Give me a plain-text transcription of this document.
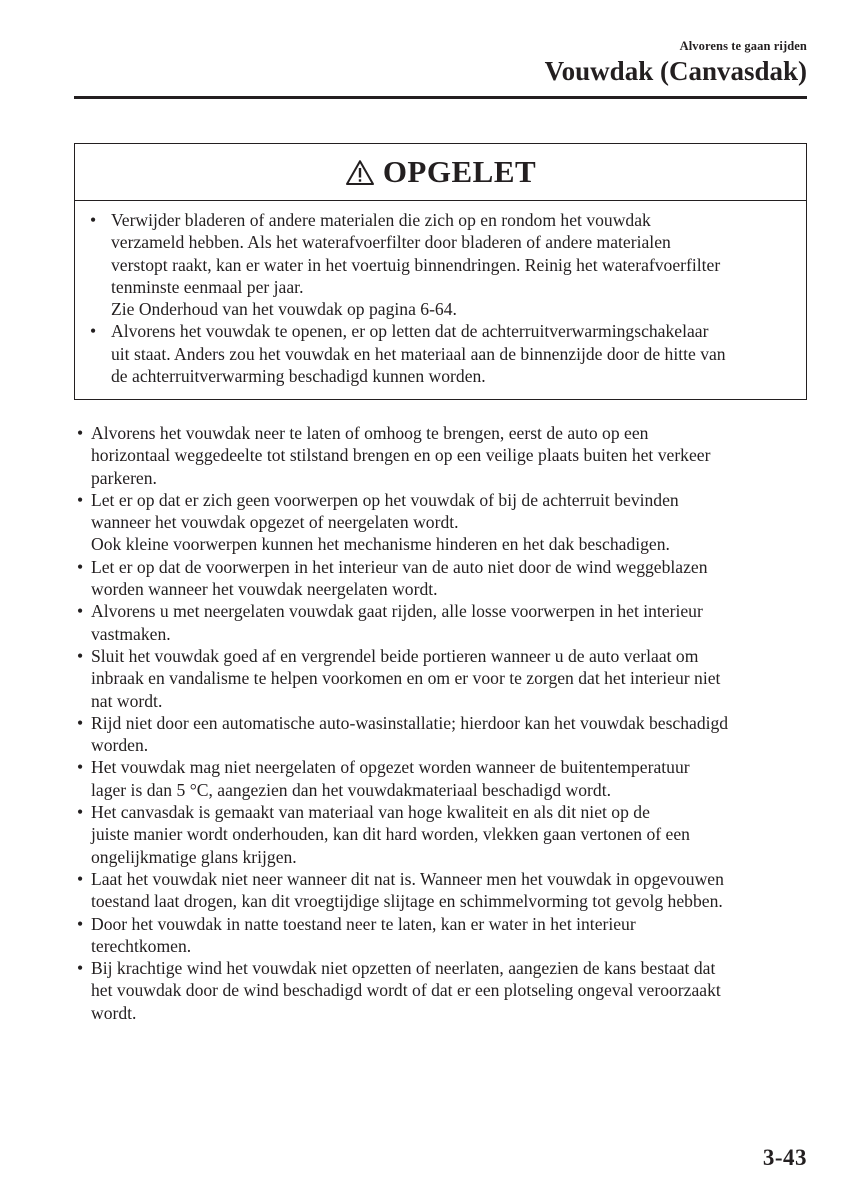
Alvorens te gaan rijden
Vouwdak (Canvasdak)
OPGELET
• Verwijder bladeren of andere materialen die zich op en rondom het vouwdak
verzameld hebben. Als het waterafvoerfilter door bladeren of andere materialen
verstopt raakt, kan er water in het voertuig binnendringen. Reinig het waterafvoerfilter
tenminste eenmaal per jaar.
Zie Onderhoud van het vouwdak op pagina 6-64.
• Alvorens het vouwdak te openen, er op letten dat de achterruitverwarmingschakelaar
uit staat. Anders zou het vouwdak en het materiaal aan de binnenzijde door de hitte van
de achterruitverwarming beschadigd kunnen worden.
• Alvorens het vouwdak neer te laten of omhoog te brengen, eerst de auto op een
horizontaal weggedeelte tot stilstand brengen en op een veilige plaats buiten het verkeer
parkeren.
• Let er op dat er zich geen voorwerpen op het vouwdak of bij de achterruit bevinden
wanneer het vouwdak opgezet of neergelaten wordt.
Ook kleine voorwerpen kunnen het mechanisme hinderen en het dak beschadigen.
• Let er op dat de voorwerpen in het interieur van de auto niet door de wind weggeblazen
worden wanneer het vouwdak neergelaten wordt.
• Alvorens u met neergelaten vouwdak gaat rijden, alle losse voorwerpen in het interieur
vastmaken.
• Sluit het vouwdak goed af en vergrendel beide portieren wanneer u de auto verlaat om
inbraak en vandalisme te helpen voorkomen en om er voor te zorgen dat het interieur niet
nat wordt.
• Rijd niet door een automatische auto-wasinstallatie; hierdoor kan het vouwdak beschadigd
worden.
• Het vouwdak mag niet neergelaten of opgezet worden wanneer de buitentemperatuur
lager is dan 5 °C, aangezien dan het vouwdakmateriaal beschadigd wordt.
• Het canvasdak is gemaakt van materiaal van hoge kwaliteit en als dit niet op de
juiste manier wordt onderhouden, kan dit hard worden, vlekken gaan vertonen of een
ongelijkmatige glans krijgen.
• Laat het vouwdak niet neer wanneer dit nat is. Wanneer men het vouwdak in opgevouwen
toestand laat drogen, kan dit vroegtijdige slijtage en schimmelvorming tot gevolg hebben.
• Door het vouwdak in natte toestand neer te laten, kan er water in het interieur
terechtkomen.
• Bij krachtige wind het vouwdak niet opzetten of neerlaten, aangezien de kans bestaat dat
het vouwdak door de wind beschadigd wordt of dat er een plotseling ongeval veroorzaakt
wordt.
3-43
